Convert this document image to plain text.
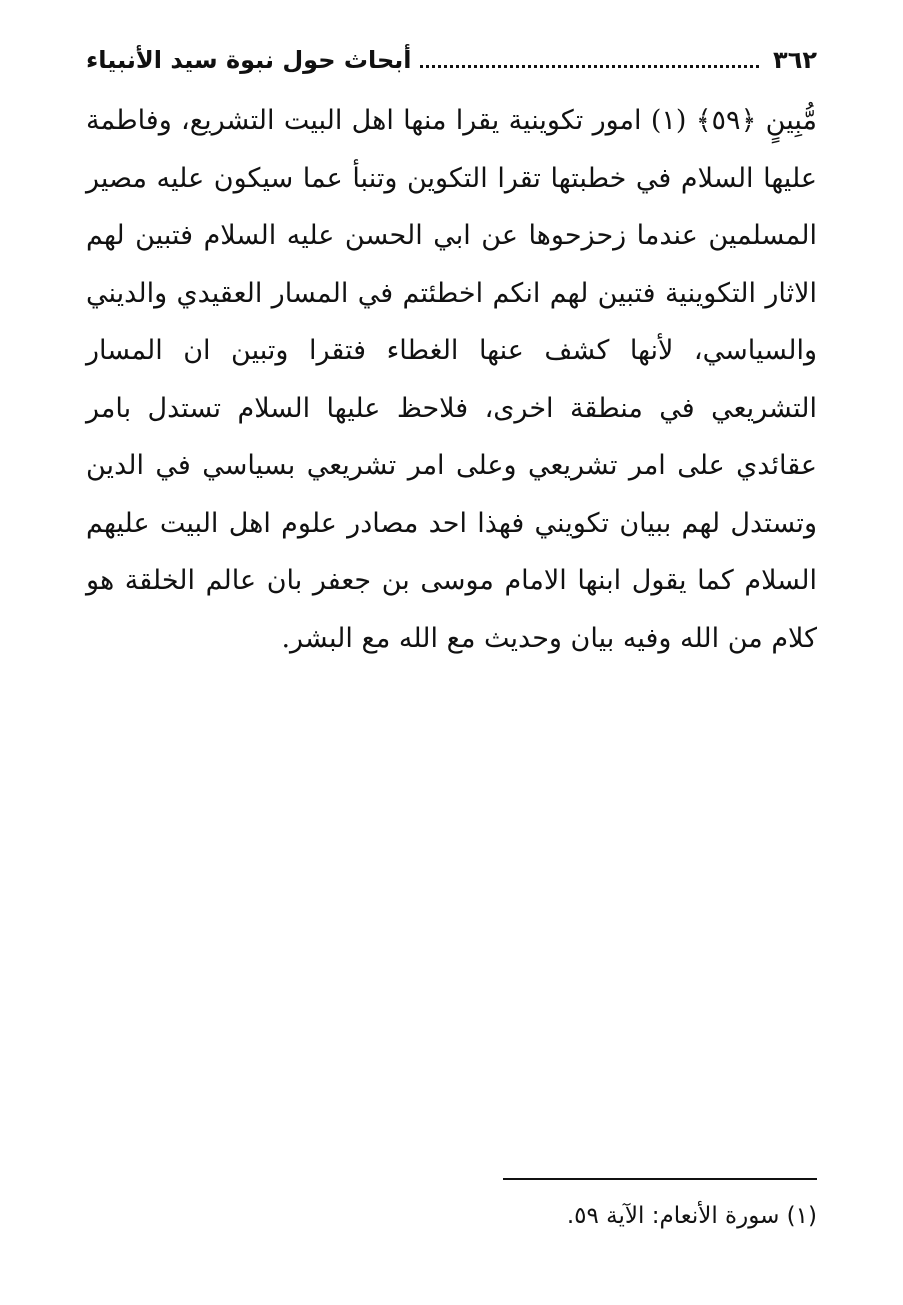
٣٦٢
أبحاث حول نبوة سيد الأنبياء

مُّبِينٍ ﴿٥٩﴾ (١) امور تكوينية يقرا منها اهل البيت التشريع، وفاطمة عليها السلام في خطبتها تقرا التكوين وتنبأ عما سيكون عليه مصير المسلمين عندما زحزحوها عن ابي الحسن عليه السلام فتبين لهم الاثار التكوينية فتبين لهم انكم اخطئتم في المسار العقيدي والديني والسياسي، لأنها كشف عنها الغطاء فتقرا وتبين ان المسار التشريعي في منطقة اخرى، فلاحظ عليها السلام تستدل بامر عقائدي على امر تشريعي وعلى امر تشريعي بسياسي في الدين وتستدل لهم ببيان تكويني فهذا احد مصادر علوم اهل البيت عليهم السلام كما يقول ابنها الامام موسى بن جعفر بان عالم الخلقة هو كلام من الله وفيه بيان وحديث مع الله مع البشر.

(١) سورة الأنعام: الآية ٥٩.
